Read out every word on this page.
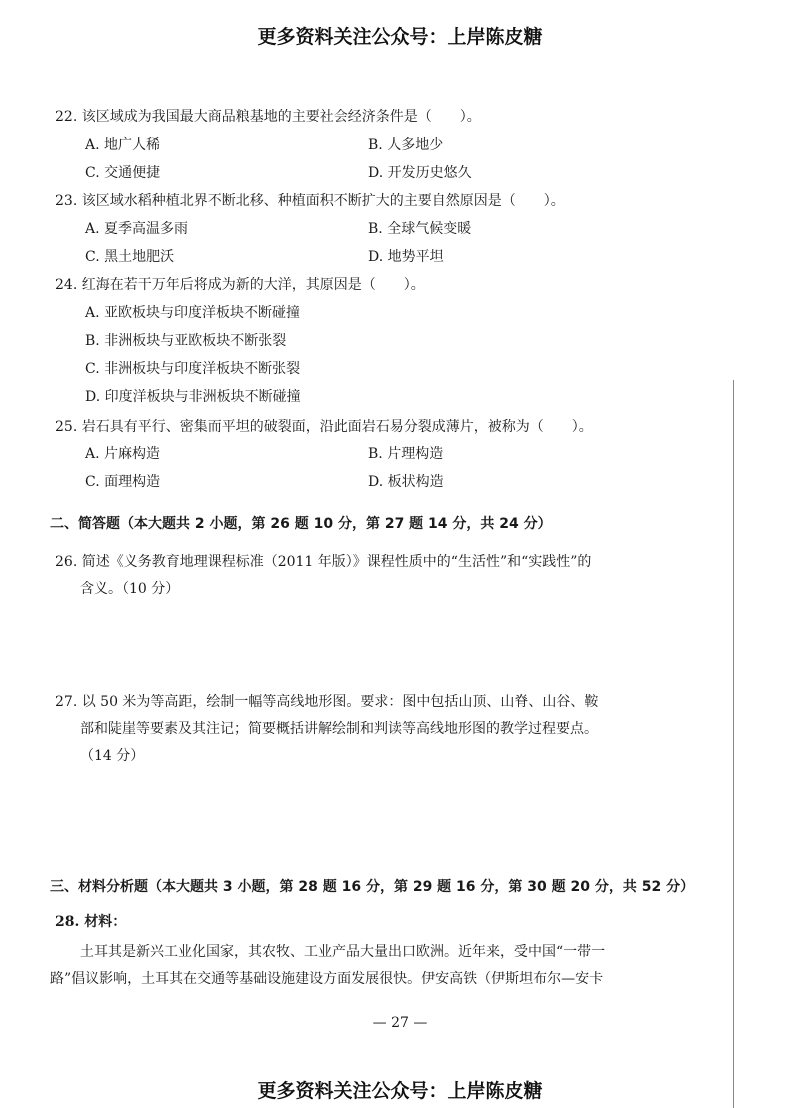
更多资料关注公众号：上岸陈皮糖
22. 该区域成为我国最大商品粮基地的主要社会经济条件是（　　）。
A. 地广人稀	B. 人多地少
C. 交通便捷	D. 开发历史悠久
23. 该区域水稻种植北界不断北移、种植面积不断扩大的主要自然原因是（　　）。
A. 夏季高温多雨	B. 全球气候变暖
C. 黑土地肥沃	D. 地势平坦
24. 红海在若干万年后将成为新的大洋，其原因是（　　）。
A. 亚欧板块与印度洋板块不断碰撞
B. 非洲板块与亚欧板块不断张裂
C. 非洲板块与印度洋板块不断张裂
D. 印度洋板块与非洲板块不断碰撞
25. 岩石具有平行、密集而平坦的破裂面，沿此面岩石易分裂成薄片，被称为（　　）。
A. 片麻构造	B. 片理构造
C. 面理构造	D. 板状构造
二、简答题（本大题共 2 小题，第 26 题 10 分，第 27 题 14 分，共 24 分）
26. 简述《义务教育地理课程标准（2011 年版）》课程性质中的“生活性”和“实践性”的
含义。（10 分）
27. 以 50 米为等高距，绘制一幅等高线地形图。要求：图中包括山顶、山脊、山谷、鞍
部和陡崖等要素及其注记；简要概括讲解绘制和判读等高线地形图的教学过程要点。
（14 分）
三、材料分析题（本大题共 3 小题，第 28 题 16 分，第 29 题 16 分，第 30 题 20 分，共 52 分）
28. 材料：
土耳其是新兴工业化国家，其农牧、工业产品大量出口欧洲。近年来，受中国“一带一
路”倡议影响，土耳其在交通等基础设施建设方面发展很快。伊安高铁（伊斯坦布尔—安卡
— 27 —
更多资料关注公众号：上岸陈皮糖
